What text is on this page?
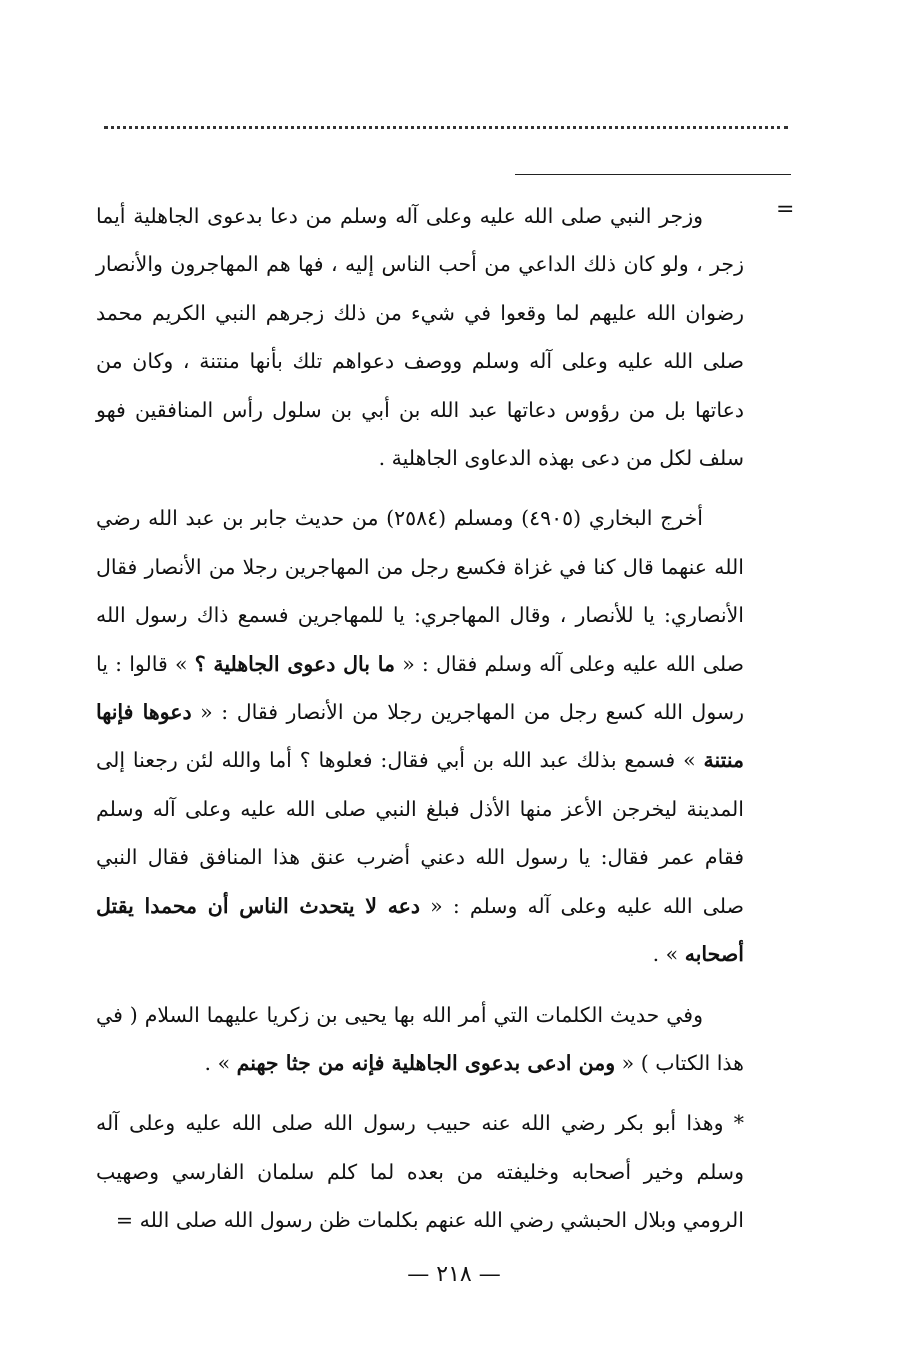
=

  وزجر النبي صلى الله عليه وعلى آله وسلم من دعا بدعوى الجاهلية أيما زجر ، ولو كان ذلك الداعي من أحب الناس إليه ، فها هم المهاجرون والأنصار رضوان الله عليهم لما وقعوا في شيء من ذلك زجرهم النبي الكريم محمد صلى الله عليه وعلى آله وسلم ووصف دعواهم تلك بأنها منتنة ، وكان من دعاتها بل من رؤوس دعاتها عبد الله بن أبي بن سلول رأس المنافقين فهو سلف لكل من دعى بهذه الدعاوى الجاهلية .

  أخرج البخاري (٤٩٠٥) ومسلم (٢٥٨٤) من حديث جابر بن عبد الله رضي الله عنهما قال كنا في غزاة فكسع رجل من المهاجرين رجلا من الأنصار فقال الأنصاري: يا للأنصار ، وقال المهاجري: يا للمهاجرين فسمع ذاك رسول الله صلى الله عليه وعلى آله وسلم فقال : « ما بال دعوى الجاهلية ؟ » قالوا : يا رسول الله كسع رجل من المهاجرين رجلا من الأنصار فقال : « دعوها فإنها منتنة » فسمع بذلك عبد الله بن أبي فقال: فعلوها ؟ أما والله لئن رجعنا إلى المدينة ليخرجن الأعز منها الأذل فبلغ النبي صلى الله عليه وعلى آله وسلم فقام عمر فقال: يا رسول الله دعني أضرب عنق هذا المنافق فقال النبي صلى الله عليه وعلى آله وسلم : « دعه لا يتحدث الناس أن محمدا يقتل أصحابه » .

  وفي حديث الكلمات التي أمر الله بها يحيى بن زكريا عليهما السلام ( في هذا الكتاب ) « ومن ادعى بدعوى الجاهلية فإنه من جثا جهنم » .

* وهذا أبو بكر رضي الله عنه حبيب رسول الله صلى الله عليه وعلى آله وسلم وخير أصحابه وخليفته من بعده لما كلم سلمان الفارسي وصهيب الرومي وبلال الحبشي رضي الله عنهم بكلمات ظن رسول الله صلى الله =

— ٢١٨ —
